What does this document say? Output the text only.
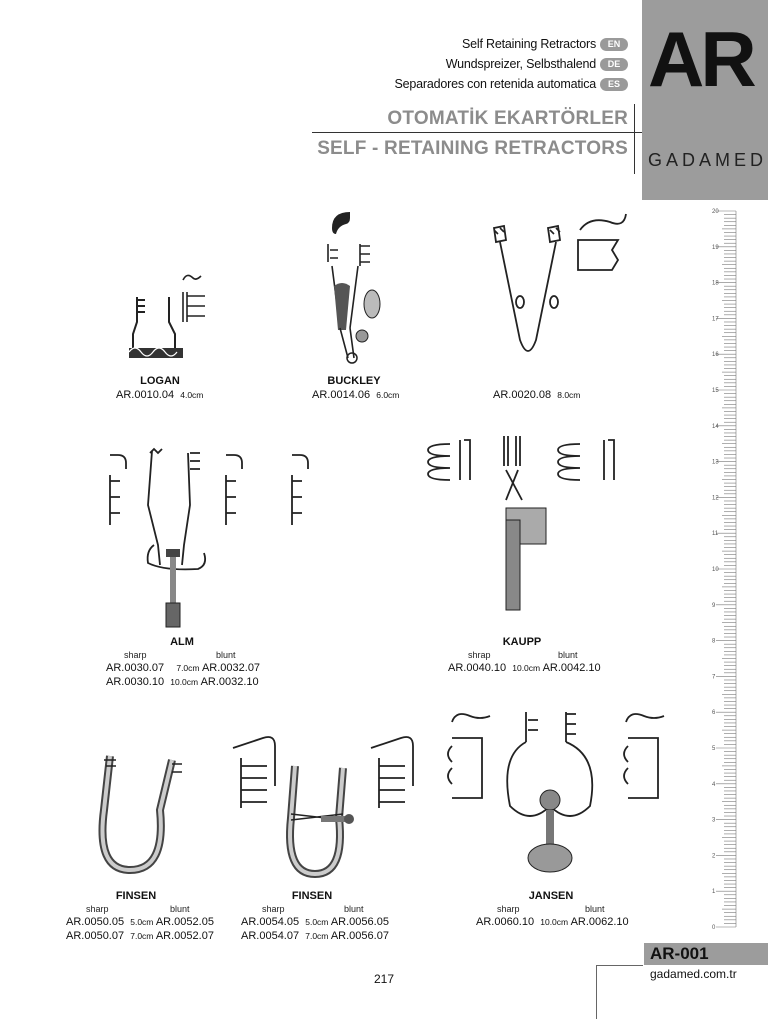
Self Retaining Retractors	EN
Wundspreizer, Selbsthalend	DE
Separadores con retenida automatica	ES AR
OTOMATİK EKARTÖRLER
SELF - RETAINING RETRACTORS
GADAMED
20
19
18
17
16
15
14
13
12
11
10
9
8
7
6
5
4
3
2
1
0
LOGAN
AR.0010.04 4.0cm
BUCKLEY
AR.0014.06 6.0cm	AR.0020.08 8.0cm
ALM
sharp	blunt
AR.0030.07 7.0cm AR.0032.07
AR.0030.10 10.0cm AR.0032.10
KAUPP
shrap	blunt
AR.0040.10 10.0cm AR.0042.10
FINSEN
sharp	blunt
AR.0050.05 5.0cm AR.0052.05
AR.0050.07 7.0cm AR.0052.07
FINSEN
sharp	blunt
AR.0054.05 5.0cm AR.0056.05
AR.0054.07 7.0cm AR.0056.07
JANSEN
sharp	blunt
AR.0060.10 10.0cm AR.0062.10
217
AR-001
gadamed.com.tr
